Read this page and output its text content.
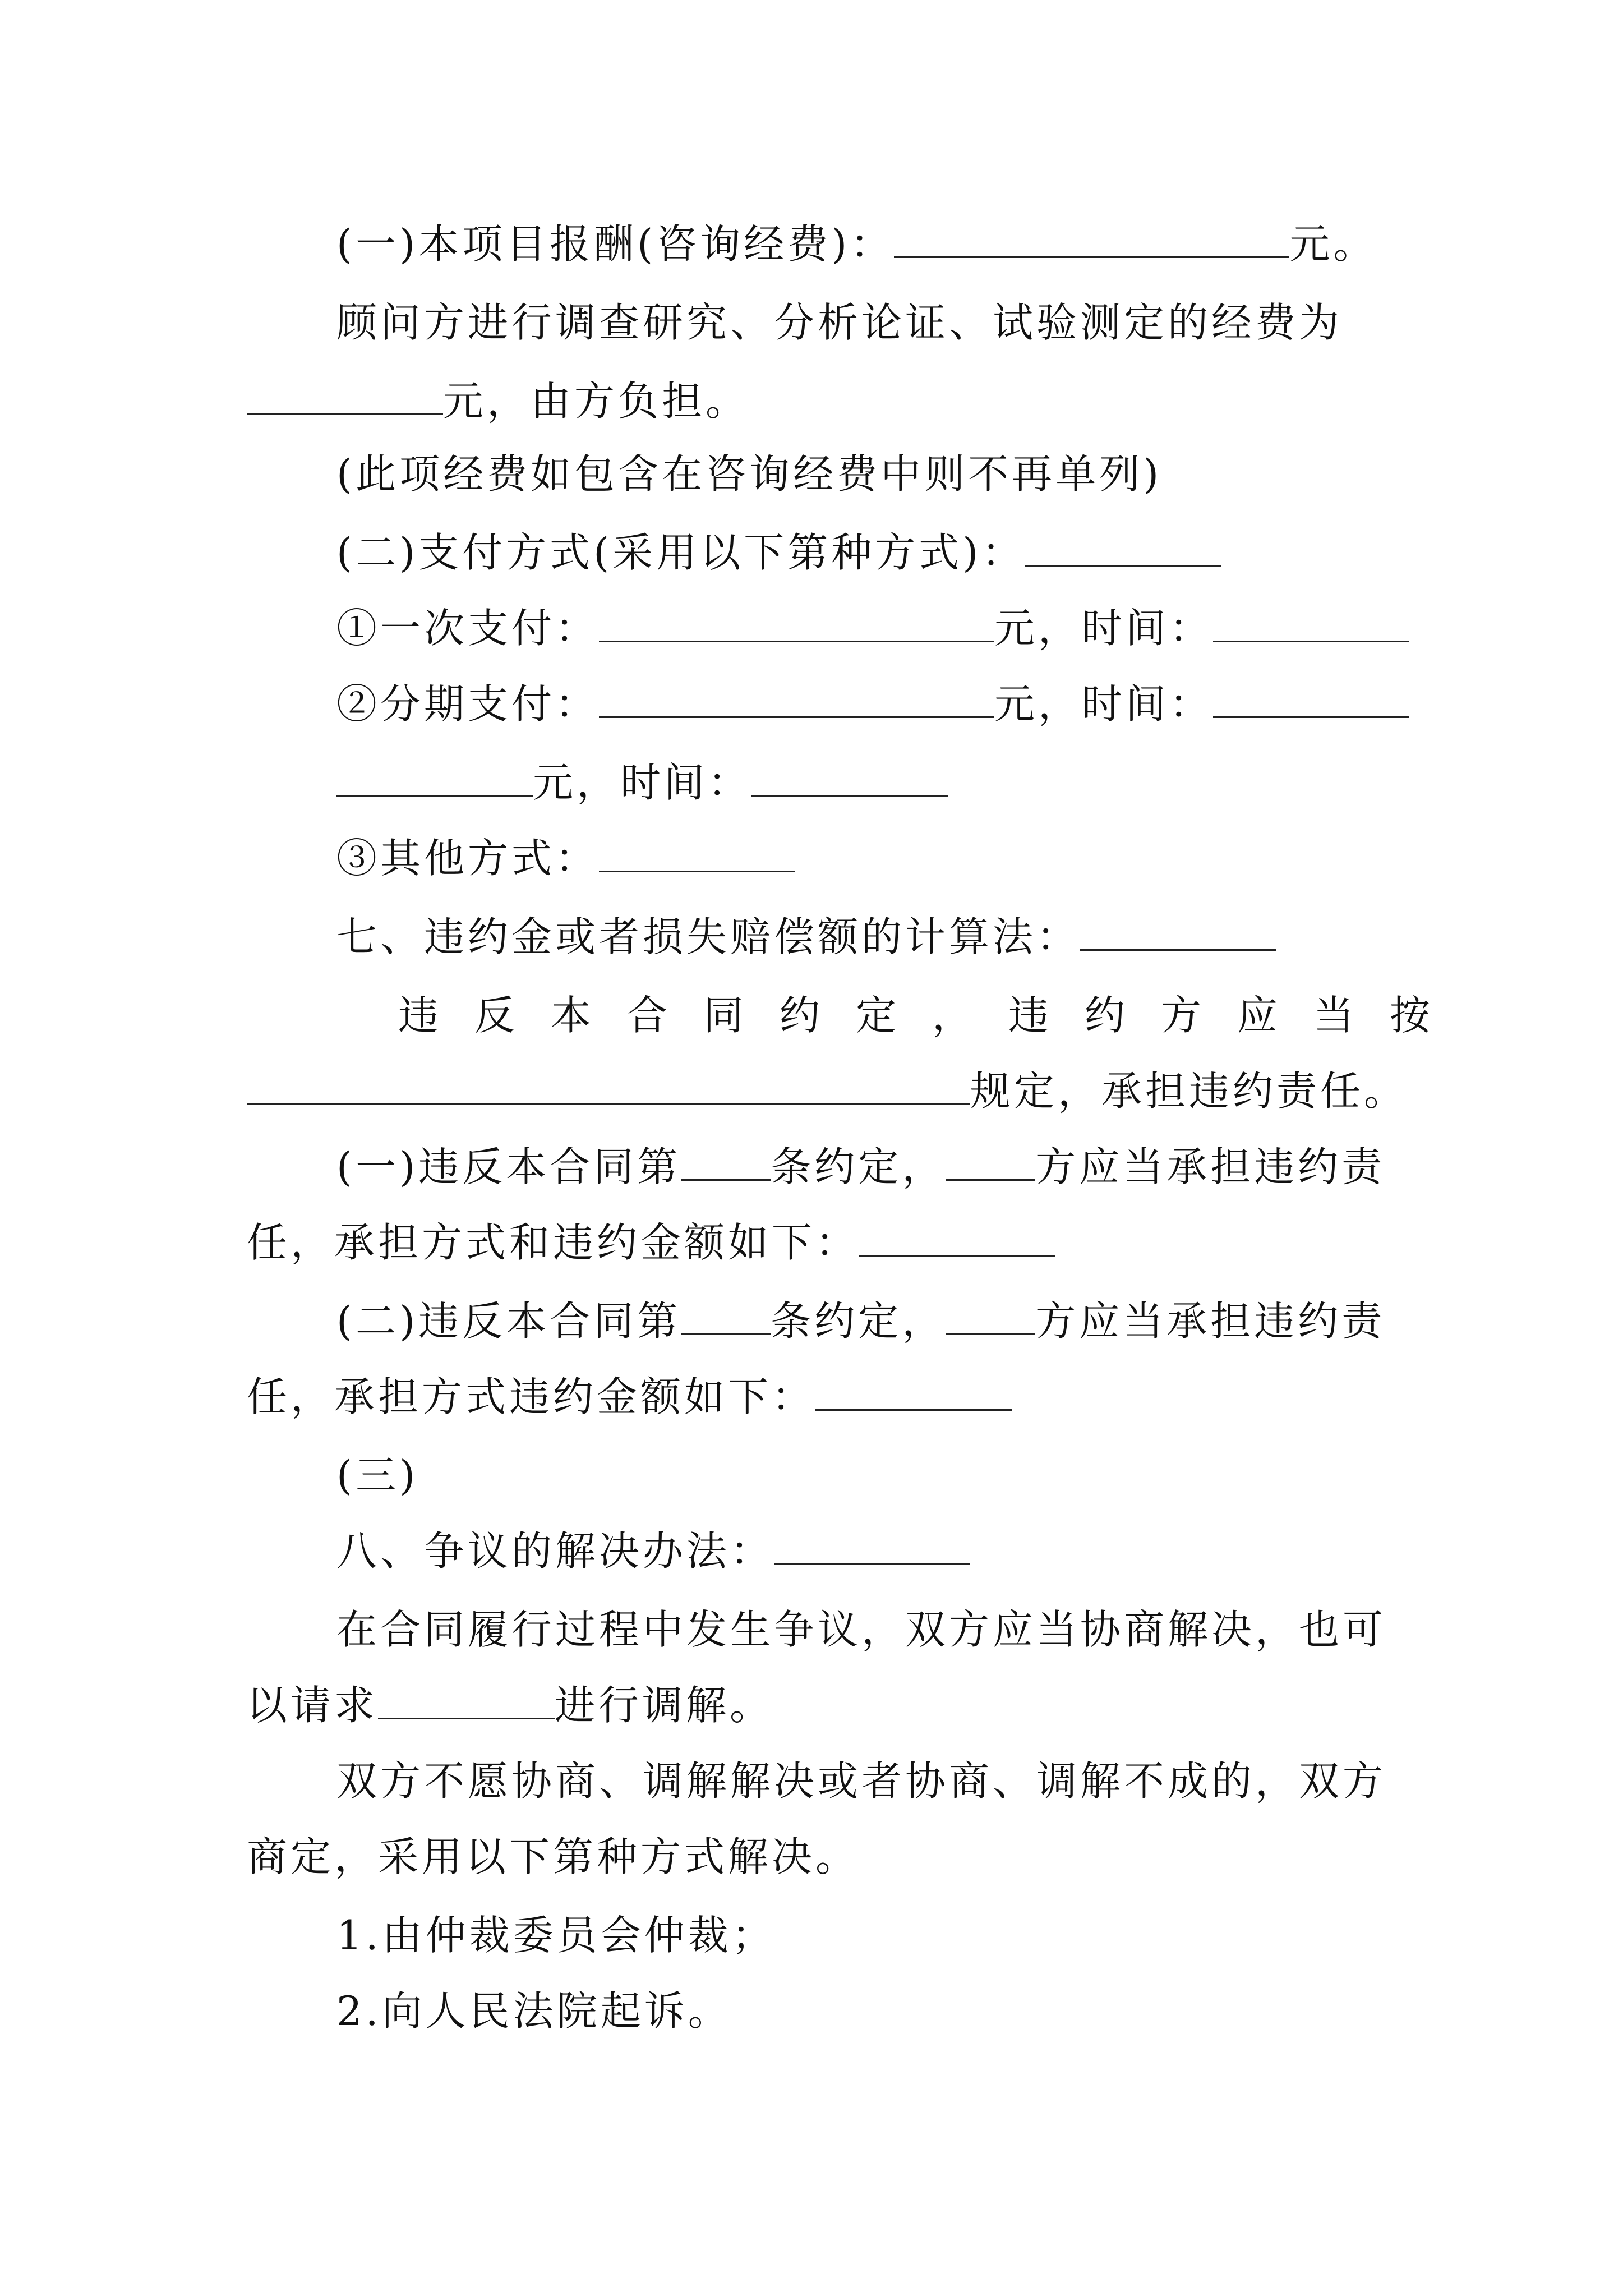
(一)本项目报酬(咨询经费)：	元。
顾问方进行调查研究、分析论证、试验测定的经费为
元，由方负担。
(此项经费如包含在咨询经费中则不再单列)
(二)支付方式(采用以下第种方式)：
①一次支付：	元，时间：
②分期支付：	元，时间：
元，时间：
③其他方式：
七、违约金或者损失赔偿额的计算法：
违反本合同约定，违约方应当按
规定，承担违约责任。
(一)违反本合同第 条约定， 方应当承担违约责
任，承担方式和违约金额如下：
(二)违反本合同第 条约定， 方应当承担违约责
任，承担方式违约金额如下：
(三)
八、争议的解决办法：
在合同履行过程中发生争议，双方应当协商解决，也可
以请求	进行调解。
双方不愿协商、调解解决或者协商、调解不成的，双方
商定，采用以下第种方式解决。
1.由仲裁委员会仲裁；
2.向人民法院起诉。
